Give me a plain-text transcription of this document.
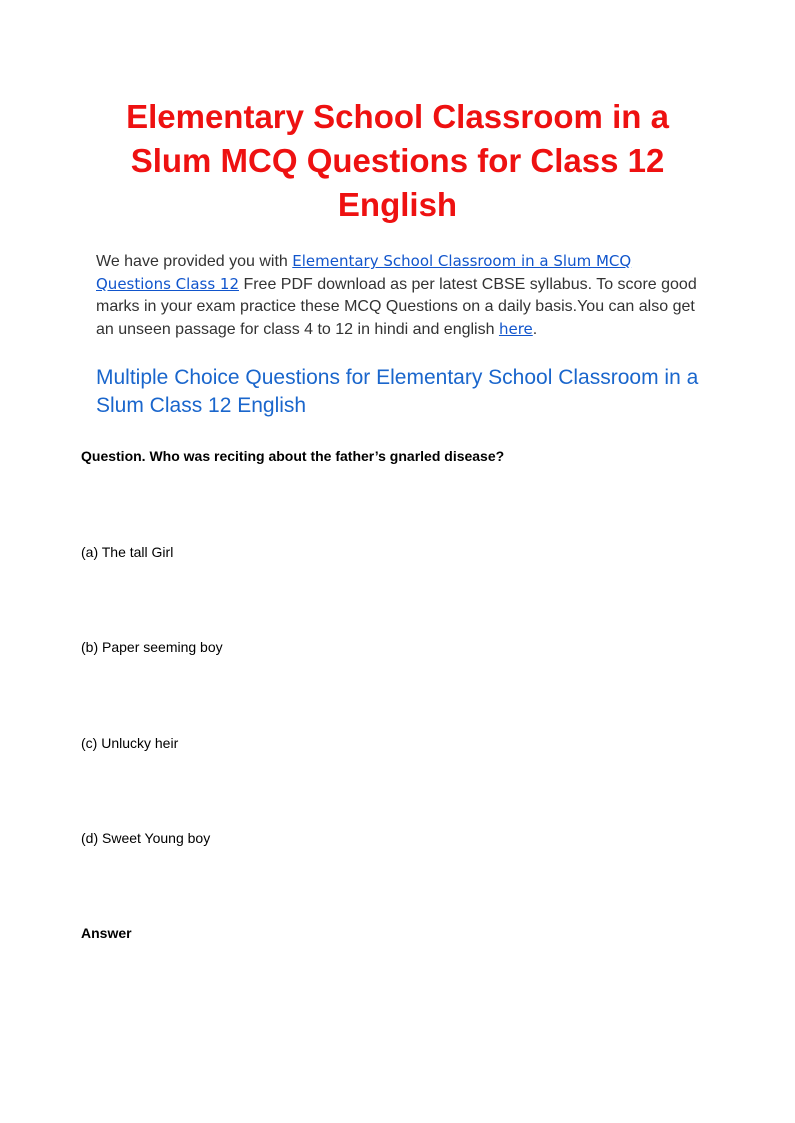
Elementary School Classroom in a Slum MCQ Questions for Class 12 English

We have provided you with Elementary School Classroom in a Slum MCQ Questions Class 12 Free PDF download as per latest CBSE syllabus. To score good marks in your exam practice these MCQ Questions on a daily basis.You can also get an unseen passage for class 4 to 12 in hindi and english here.

Multiple Choice Questions for Elementary School Classroom in a Slum Class 12 English

Question. Who was reciting about the father’s gnarled disease?

(a) The tall Girl

(b) Paper seeming boy

(c) Unlucky heir

(d) Sweet Young boy

Answer
